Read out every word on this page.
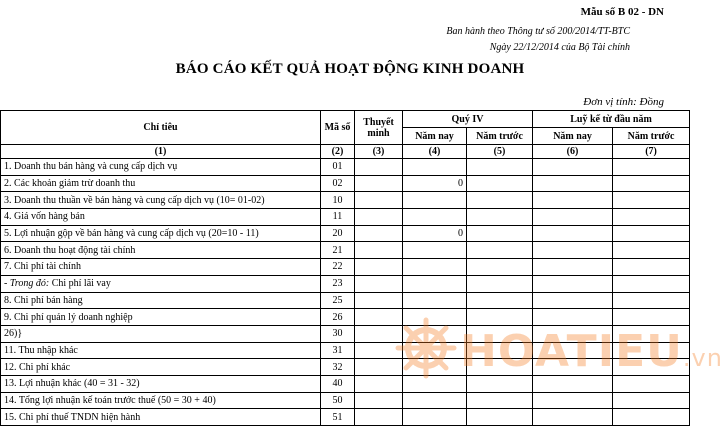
Mẫu số B 02 - DN
Ban hành theo Thông tư số 200/2014/TT-BTC
Ngày 22/12/2014 của Bộ Tài chính
BÁO CÁO KẾT QUẢ HOẠT ĐỘNG KINH DOANH
Đơn vị tính: Đồng
Chỉ tiêu	Mã số	Thuyết minh	Quý IV		Luỹ kế từ đầu năm	
			Năm nay	Năm trước	Năm nay	Năm trước
(1)	(2)	(3)	(4)	(5)	(6)	(7)
1. Doanh thu bán hàng và cung cấp dịch vụ	01					
2. Các khoản giảm trừ doanh thu	02		0			
3. Doanh thu thuần về bán hàng và cung cấp dịch vụ (10= 01-02)	10					
4. Giá vốn hàng bán	11					
5. Lợi nhuận gộp về bán hàng và cung cấp dịch vụ (20=10 - 11)	20		0			
6. Doanh thu hoạt động tài chính	21					
7. Chi phí tài chính	22					
- Trong đó: Chi phí lãi vay	23					
8. Chi phí bán hàng	25					
9. Chi phí quản lý doanh nghiệp	26					
26)}	30					
11. Thu nhập khác	31					
12. Chi phí khác	32					
13. Lợi nhuận khác (40 = 31 - 32)	40					
14. Tổng lợi nhuận kế toán trước thuế (50 = 30 + 40)	50					
15. Chi phí thuế TNDN hiện hành	51					
HOATIEU.vn
